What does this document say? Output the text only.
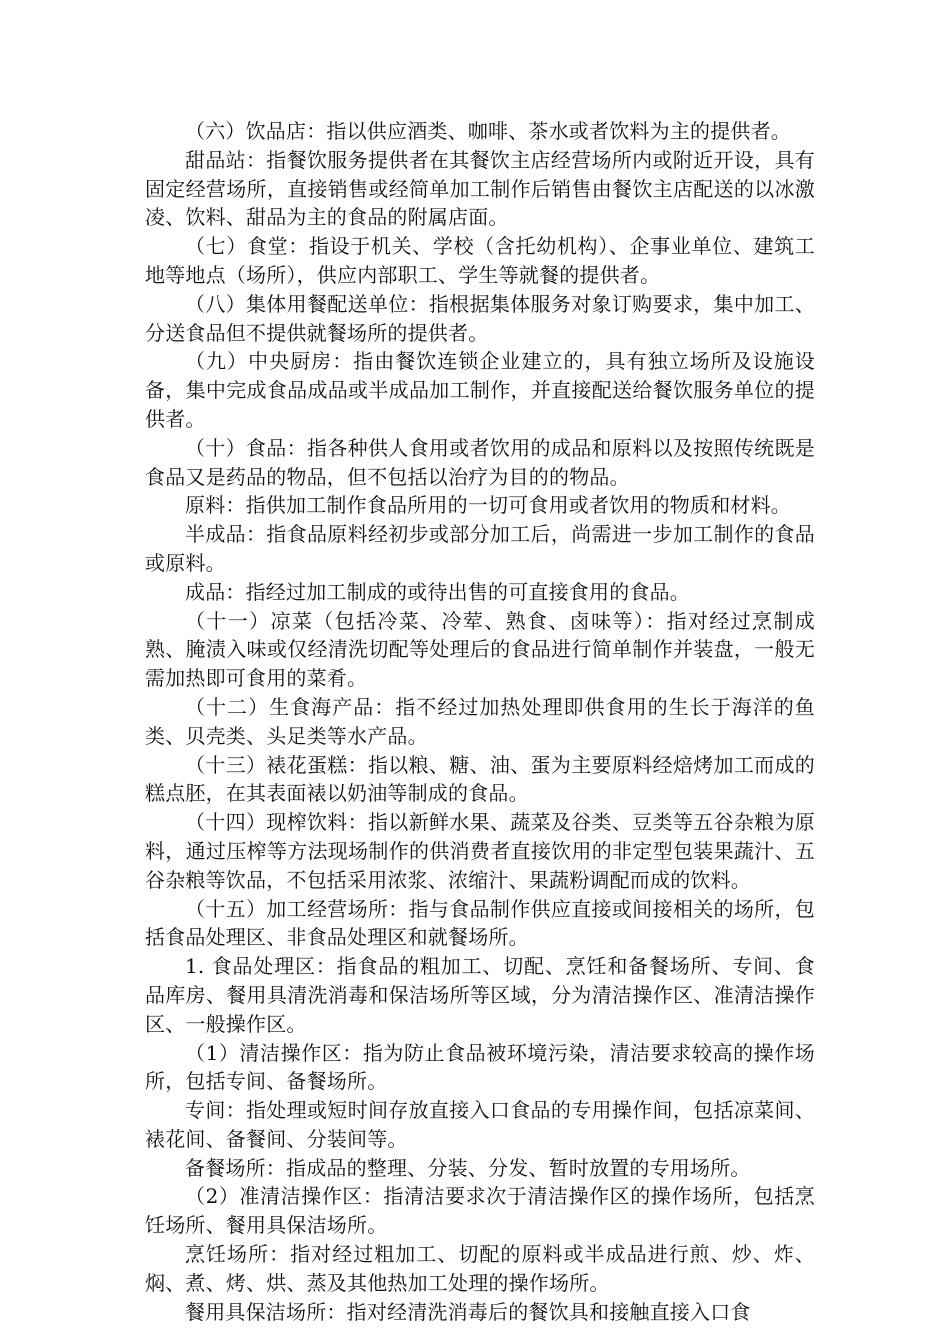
（六）饮品店：指以供应酒类、咖啡、茶水或者饮料为主的提供者。

甜品站：指餐饮服务提供者在其餐饮主店经营场所内或附近开设，具有固定经营场所，直接销售或经简单加工制作后销售由餐饮主店配送的以冰激凌、饮料、甜品为主的食品的附属店面。

（七）食堂：指设于机关、学校（含托幼机构）、企事业单位、建筑工地等地点（场所），供应内部职工、学生等就餐的提供者。

（八）集体用餐配送单位：指根据集体服务对象订购要求，集中加工、分送食品但不提供就餐场所的提供者。

（九）中央厨房：指由餐饮连锁企业建立的，具有独立场所及设施设备，集中完成食品成品或半成品加工制作，并直接配送给餐饮服务单位的提供者。

（十）食品：指各种供人食用或者饮用的成品和原料以及按照传统既是食品又是药品的物品，但不包括以治疗为目的的物品。

原料：指供加工制作食品所用的一切可食用或者饮用的物质和材料。

半成品：指食品原料经初步或部分加工后，尚需进一步加工制作的食品或原料。

成品：指经过加工制成的或待出售的可直接食用的食品。

（十一）凉菜（包括冷菜、冷荤、熟食、卤味等）：指对经过烹制成熟、腌渍入味或仅经清洗切配等处理后的食品进行简单制作并装盘，一般无需加热即可食用的菜肴。

（十二）生食海产品：指不经过加热处理即供食用的生长于海洋的鱼类、贝壳类、头足类等水产品。

（十三）裱花蛋糕：指以粮、糖、油、蛋为主要原料经焙烤加工而成的糕点胚，在其表面裱以奶油等制成的食品。

（十四）现榨饮料：指以新鲜水果、蔬菜及谷类、豆类等五谷杂粮为原料，通过压榨等方法现场制作的供消费者直接饮用的非定型包装果蔬汁、五谷杂粮等饮品，不包括采用浓浆、浓缩汁、果蔬粉调配而成的饮料。

（十五）加工经营场所：指与食品制作供应直接或间接相关的场所，包括食品处理区、非食品处理区和就餐场所。

1. 食品处理区：指食品的粗加工、切配、烹饪和备餐场所、专间、食品库房、餐用具清洗消毒和保洁场所等区域，分为清洁操作区、准清洁操作区、一般操作区。

（1）清洁操作区：指为防止食品被环境污染，清洁要求较高的操作场所，包括专间、备餐场所。

专间：指处理或短时间存放直接入口食品的专用操作间，包括凉菜间、裱花间、备餐间、分装间等。

备餐场所：指成品的整理、分装、分发、暂时放置的专用场所。

（2）准清洁操作区：指清洁要求次于清洁操作区的操作场所，包括烹饪场所、餐用具保洁场所。

烹饪场所：指对经过粗加工、切配的原料或半成品进行煎、炒、炸、焖、煮、烤、烘、蒸及其他热加工处理的操作场所。

餐用具保洁场所：指对经清洗消毒后的餐饮具和接触直接入口食
